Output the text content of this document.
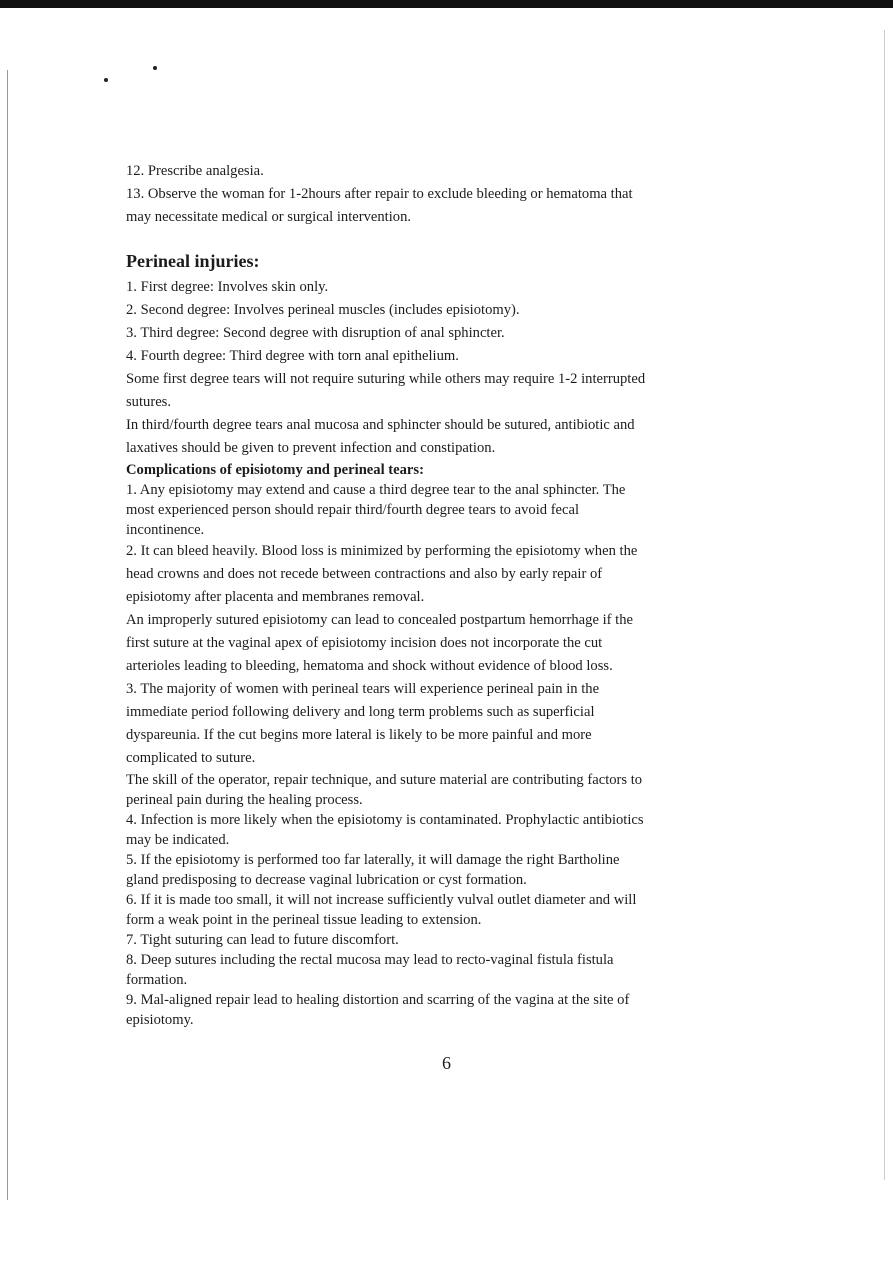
12. Prescribe analgesia.

13. Observe the woman for 1-2hours after repair to exclude bleeding or hematoma that

may necessitate medical or surgical intervention.

Perineal injuries:

1. First degree: Involves skin only.

2. Second degree: Involves perineal muscles (includes episiotomy).

3. Third degree: Second degree with disruption of anal sphincter.

4. Fourth degree: Third degree with torn anal epithelium.

Some first degree tears will not require suturing while others may require 1-2 interrupted

sutures.

In third/fourth degree tears anal mucosa and sphincter should be sutured, antibiotic and

laxatives should be given to prevent infection and constipation.

Complications of episiotomy and perineal tears:

1. Any episiotomy may extend and cause a third degree tear to the anal sphincter. The

most experienced person should repair third/fourth degree tears to avoid fecal

incontinence.

2. It can bleed heavily. Blood loss is minimized by performing the episiotomy when the

head crowns and does not recede between contractions and also by early repair of

episiotomy after placenta and membranes removal.

An improperly sutured episiotomy can lead to concealed postpartum hemorrhage if the

first suture at the vaginal apex of episiotomy incision does not incorporate the cut

arterioles leading to bleeding, hematoma and shock without evidence of blood loss.

3. The majority of women with perineal tears will experience perineal pain in the

immediate period following delivery and long term problems such as superficial

dyspareunia. If the cut begins more lateral is likely to be more painful and more

complicated to suture.

The skill of the operator, repair technique, and suture material are contributing factors to

perineal pain during the healing process.

4. Infection is more likely when the episiotomy is contaminated. Prophylactic antibiotics

may be indicated.

5. If the episiotomy is performed too far laterally, it will damage the right Bartholine

gland predisposing to decrease vaginal lubrication or cyst formation.

6. If it is made too small, it will not increase sufficiently vulval outlet diameter and will

form a weak point in the perineal tissue leading to extension.

7. Tight suturing can lead to future discomfort.

8. Deep sutures including the rectal mucosa may lead to recto-vaginal fistula fistula

formation.

9. Mal-aligned repair lead to healing distortion and scarring of the vagina at the site of

episiotomy.

6
